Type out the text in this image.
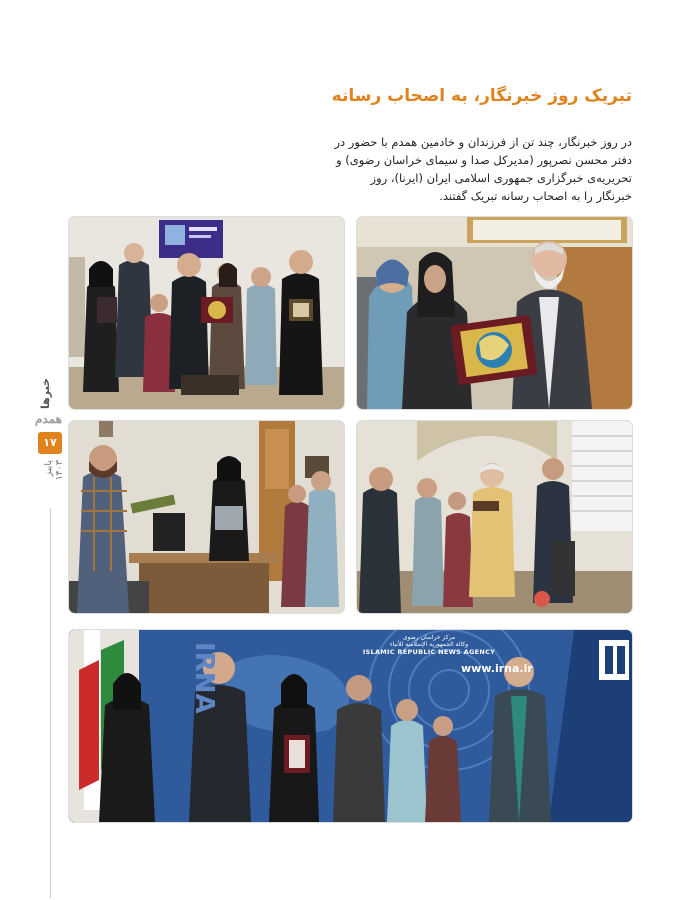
تبریک روز خبرنگار، به اصحاب رسانه

در روز خبرنگار، چند تن از فرزندان و خادمین همدم با حضور در دفتر محسن نصرپور (مدیرکل صدا و سیمای خراسان رضوی) و تحریریه‌ی خبرگزاری جمهوری اسلامی ایران (ایرنا)، روز خبرنگار را به اصحاب رسانه تبریک گفتند.

مرکز خراسان رضوی
وکالة الجمهورية الإسلامية للأنباء
ISLAMIC REPUBLIC NEWS AGENCY
www.irna.ir
IRNA
خبرها
همدم
۱۷
پاییز ۱۴۰۳
